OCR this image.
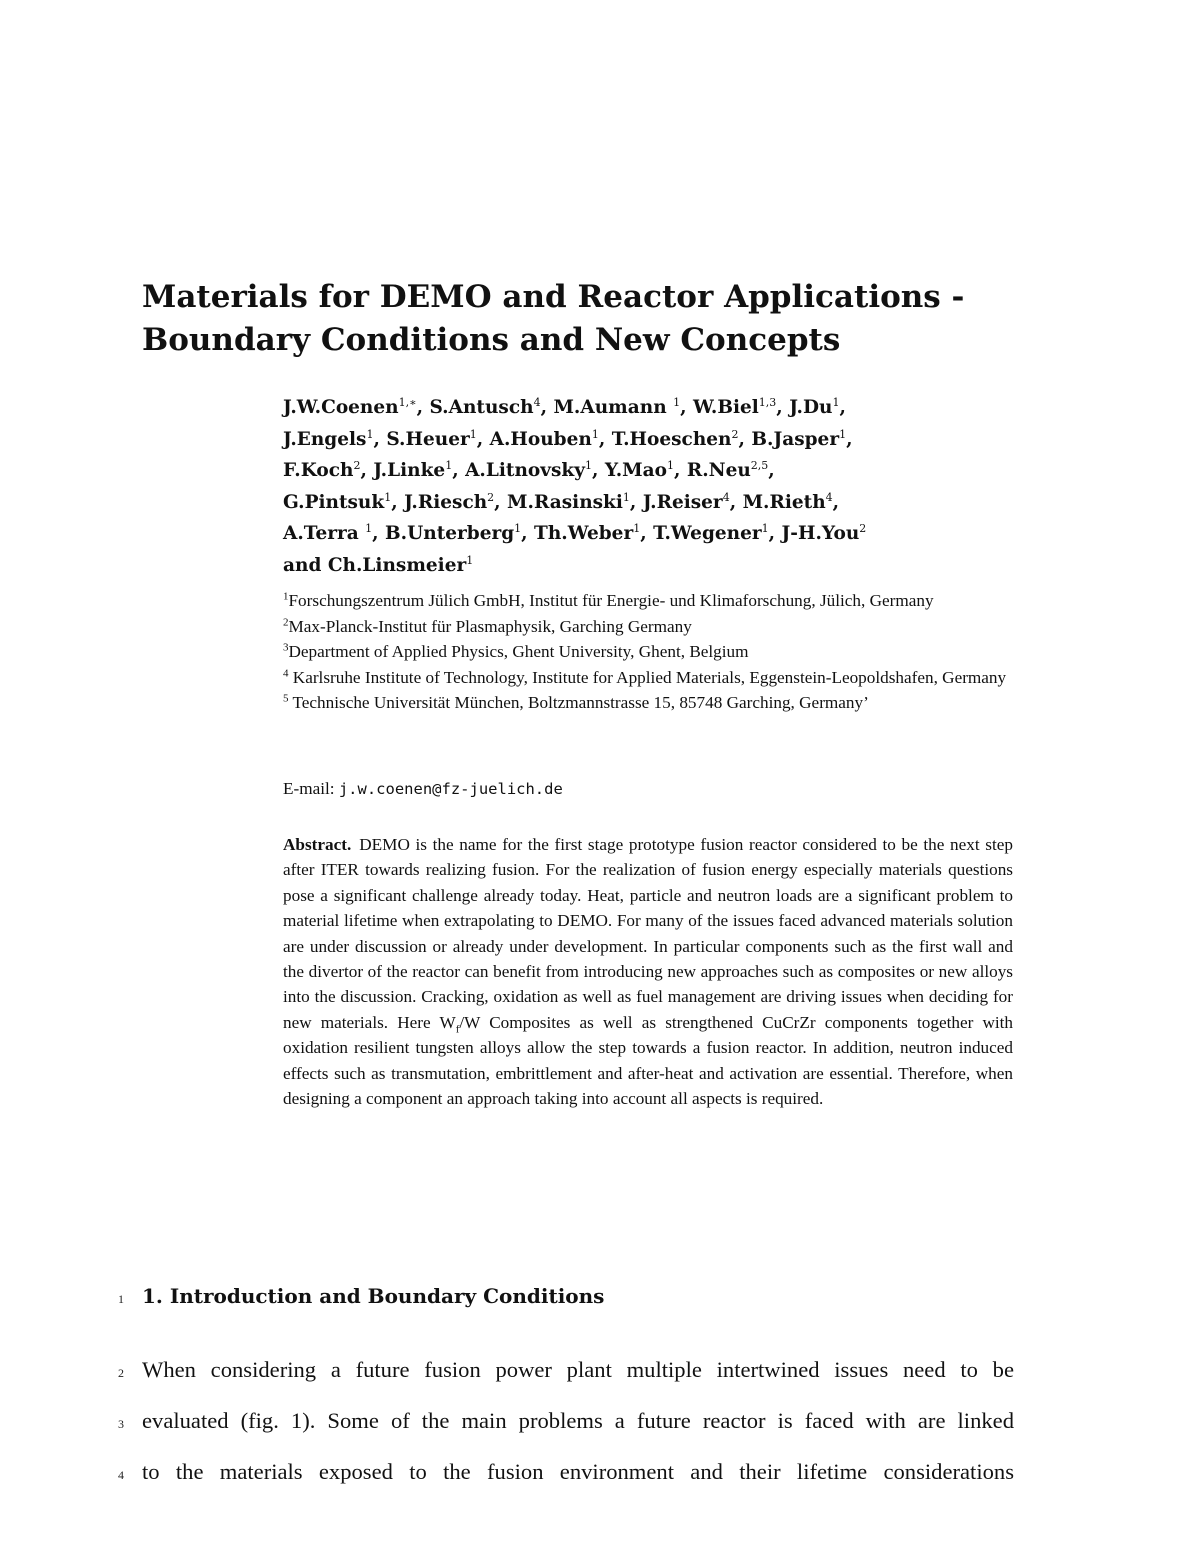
Materials for DEMO and Reactor Applications -
Boundary Conditions and New Concepts
J.W.Coenen$^{1,∗}$, S.Antusch$^4$, M.Aumann $^1$, W.Biel$^{1,3}$, J.Du$^1$,
J.Engels$^1$, S.Heuer$^1$, A.Houben$^1$, T.Hoeschen$^2$, B.Jasper$^1$,
F.Koch$^2$, J.Linke$^1$, A.Litnovsky$^1$, Y.Mao$^1$, R.Neu$^{2,5}$,
G.Pintsuk$^1$, J.Riesch$^2$, M.Rasinski$^1$, J.Reiser$^4$, M.Rieth$^4$,
A.Terra $^1$, B.Unterberg$^1$, Th.Weber$^1$, T.Wegener$^1$, J-H.You$^2$
and Ch.Linsmeier$^1$

$^1$Forschungszentrum Jülich GmbH, Institut für Energie- und Klimaforschung, Jülich, Germany

$^2$Max-Planck-Institut für Plasmaphysik, Garching Germany

$^3$Department of Applied Physics, Ghent University, Ghent, Belgium

$^4$ Karlsruhe Institute of Technology, Institute for Applied Materials, Eggenstein-Leopoldshafen, Germany

$^5$ Technische Universität München, Boltzmannstrasse 15, 85748 Garching, Germany’

E-mail: j.w.coenen@fz-juelich.de

Abstract. DEMO is the name for the first stage prototype fusion reactor considered to be the next step after ITER towards realizing fusion. For the realization of fusion energy especially materials questions pose a significant challenge already today. Heat, particle and neutron loads are a significant problem to material lifetime when extrapolating to DEMO. For many of the issues faced advanced materials solution are under discussion or already under development. In particular components such as the first wall and the divertor of the reactor can benefit from introducing new approaches such as composites or new alloys into the discussion. Cracking, oxidation as well as fuel management are driving issues when deciding for new materials. Here $W_f/W$ Composites as well as strengthened CuCrZr components together with oxidation resilient tungsten alloys allow the step towards a fusion reactor. In addition, neutron induced effects such as transmutation, embrittlement and after-heat and activation are essential. Therefore, when designing a component an approach taking into account all aspects is required.

1 1. Introduction and Boundary Conditions
2 When considering a future fusion power plant multiple intertwined issues need to be
3 evaluated (fig. 1). Some of the main problems a future reactor is faced with are linked
4 to the materials exposed to the fusion environment and their lifetime considerations
